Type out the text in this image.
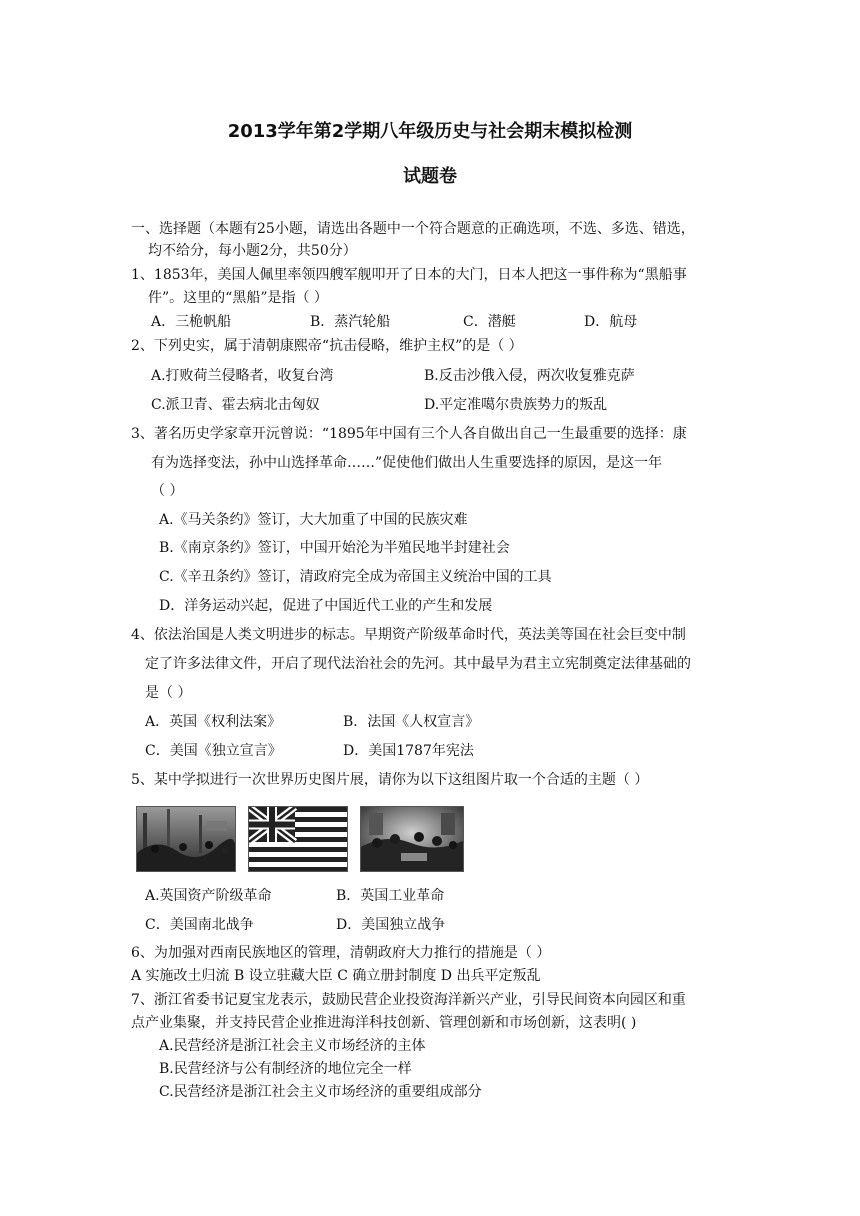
2013学年第2学期八年级历史与社会期末模拟检测
试题卷
一、选择题（本题有25小题，请选出各题中一个符合题意的正确选项，不选、多选、错选，
均不给分，每小题2分，共50分）
1、1853年，美国人佩里率领四艘军舰叩开了日本的大门，日本人把这一事件称为“黑船事
件”。这里的“黑船”是指（ ）
A．三桅帆船	B．蒸汽轮船	C．潜艇	D．航母
2、下列史实，属于清朝康熙帝“抗击侵略，维护主权”的是（ ）
A.打败荷兰侵略者，收复台湾	B.反击沙俄入侵，两次收复雅克萨
C.派卫青、霍去病北击匈奴	D.平定准噶尔贵族势力的叛乱
3、著名历史学家章开沅曾说：“1895年中国有三个人各自做出自己一生最重要的选择：康
有为选择变法，孙中山选择革命……”促使他们做出人生重要选择的原因，是这一年
（ ）
A.《马关条约》签订，大大加重了中国的民族灾难
B.《南京条约》签订，中国开始沦为半殖民地半封建社会
C.《辛丑条约》签订，清政府完全成为帝国主义统治中国的工具
D．洋务运动兴起，促进了中国近代工业的产生和发展
4、依法治国是人类文明进步的标志。早期资产阶级革命时代，英法美等国在社会巨变中制
定了许多法律文件，开启了现代法治社会的先河。其中最早为君主立宪制奠定法律基础的
是（ ）
A．英国《权利法案》	B．法国《人权宣言》
C．美国《独立宣言》	D．美国1787年宪法
5、某中学拟进行一次世界历史图片展，请你为以下这组图片取一个合适的主题（ ）
A.英国资产阶级革命	B．英国工业革命
C．美国南北战争	D．美国独立战争
6、为加强对西南民族地区的管理，清朝政府大力推行的措施是（ ）
A 实施改土归流 B 设立驻藏大臣 C 确立册封制度 D 出兵平定叛乱
7、浙江省委书记夏宝龙表示，鼓励民营企业投资海洋新兴产业，引导民间资本向园区和重
点产业集聚，并支持民营企业推进海洋科技创新、管理创新和市场创新，这表明( )
A.民营经济是浙江社会主义市场经济的主体
B.民营经济与公有制经济的地位完全一样
C.民营经济是浙江社会主义市场经济的重要组成部分
